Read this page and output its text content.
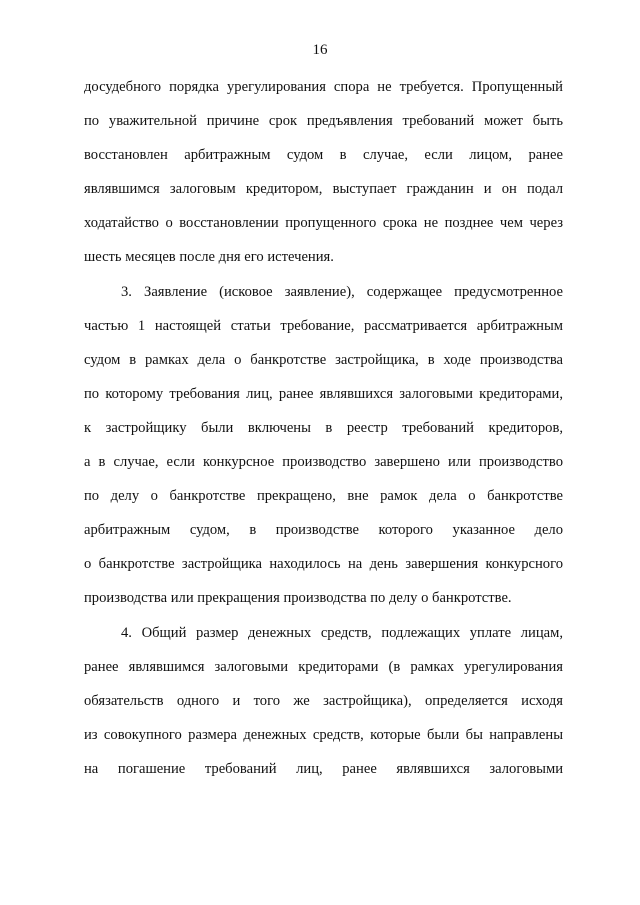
16
досудебного порядка урегулирования спора не требуется. Пропущенный
по уважительной причине срок предъявления требований может быть
восстановлен арбитражным судом в случае, если лицом, ранее
являвшимся залоговым кредитором, выступает гражданин и он подал
ходатайство о восстановлении пропущенного срока не позднее чем через
шесть месяцев после дня его истечения.
3. Заявление (исковое заявление), содержащее предусмотренное
частью 1 настоящей статьи требование, рассматривается арбитражным
судом в рамках дела о банкротстве застройщика, в ходе производства
по которому требования лиц, ранее являвшихся залоговыми кредиторами,
к застройщику были включены в реестр требований кредиторов,
а в случае, если конкурсное производство завершено или производство
по делу о банкротстве прекращено, вне рамок дела о банкротстве
арбитражным судом, в производстве которого указанное дело
о банкротстве застройщика находилось на день завершения конкурсного
производства или прекращения производства по делу о банкротстве.
4. Общий размер денежных средств, подлежащих уплате лицам,
ранее являвшимся залоговыми кредиторами (в рамках урегулирования
обязательств одного и того же застройщика), определяется исходя
из совокупного размера денежных средств, которые были бы направлены
на погашение требований лиц, ранее являвшихся залоговыми
